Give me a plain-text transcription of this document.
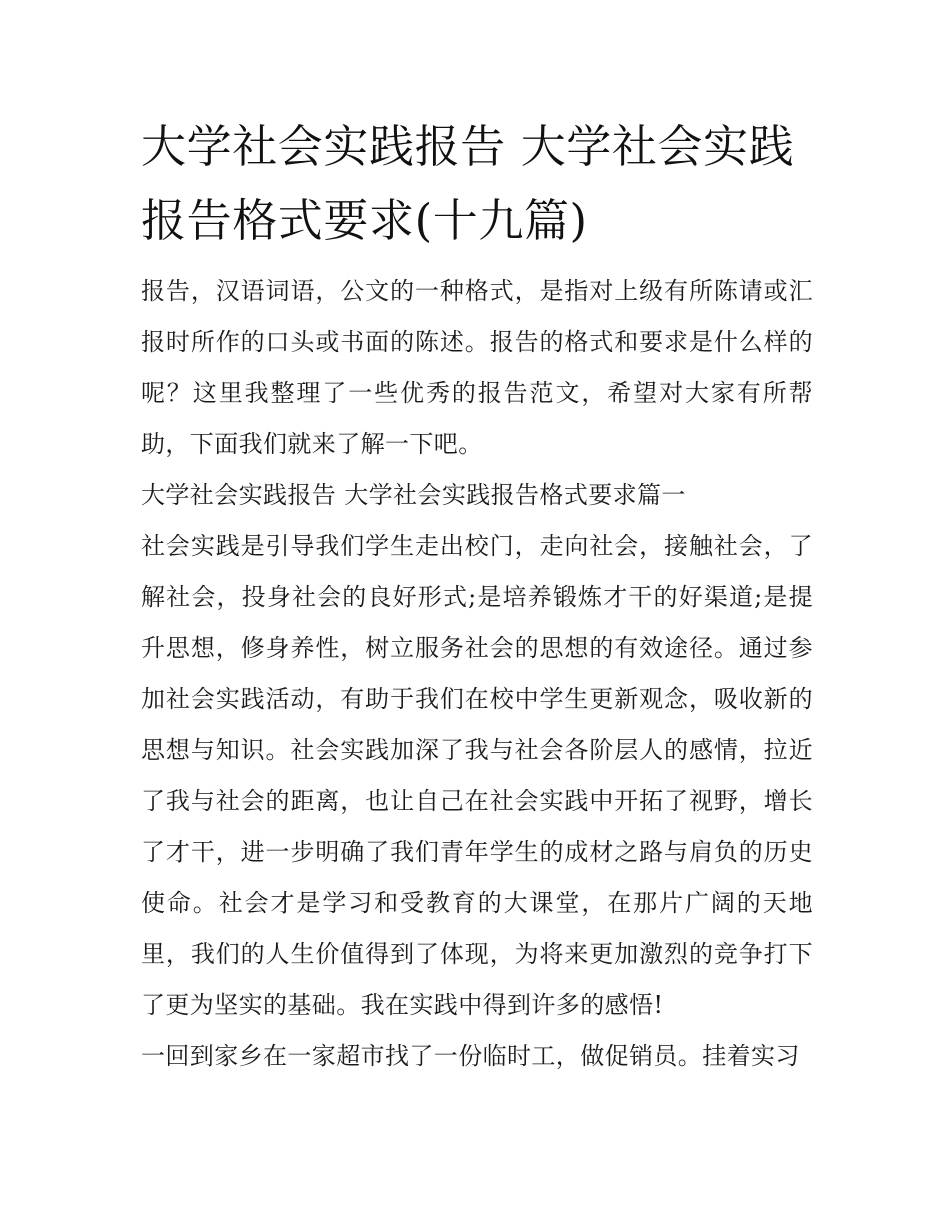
大学社会实践报告 大学社会实践报告格式要求(十九篇)

报告，汉语词语，公文的一种格式，是指对上级有所陈请或汇报时所作的口头或书面的陈述。报告的格式和要求是什么样的呢？这里我整理了一些优秀的报告范文，希望对大家有所帮助，下面我们就来了解一下吧。

大学社会实践报告 大学社会实践报告格式要求篇一

社会实践是引导我们学生走出校门，走向社会，接触社会，了解社会，投身社会的良好形式;是培养锻炼才干的好渠道;是提升思想，修身养性，树立服务社会的思想的有效途径。通过参加社会实践活动，有助于我们在校中学生更新观念，吸收新的思想与知识。社会实践加深了我与社会各阶层人的感情，拉近了我与社会的距离，也让自己在社会实践中开拓了视野，增长了才干，进一步明确了我们青年学生的成材之路与肩负的历史使命。社会才是学习和受教育的大课堂，在那片广阔的天地里，我们的人生价值得到了体现，为将来更加激烈的竞争打下了更为坚实的基础。我在实践中得到许多的感悟!

一回到家乡在一家超市找了一份临时工，做促销员。挂着实习
